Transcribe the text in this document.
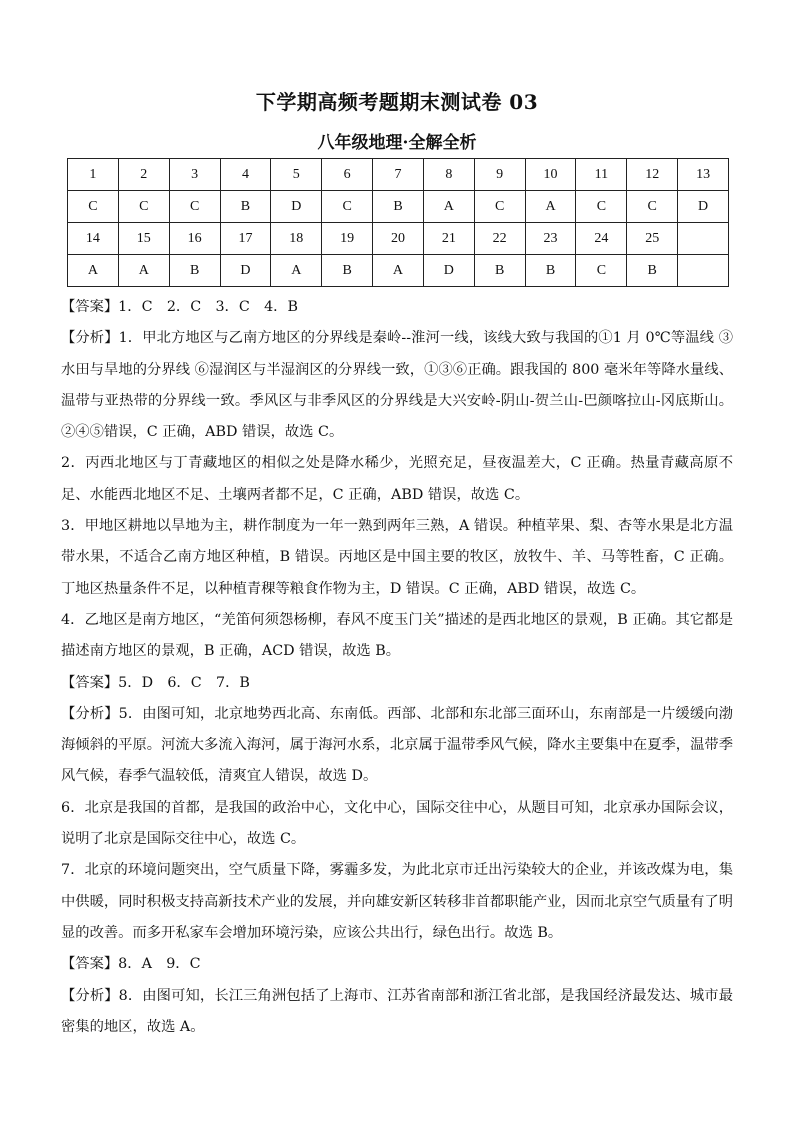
下学期高频考题期末测试卷 03
八年级地理·全解全析
1	2	3	4	5	6	7	8	9	10	11	12	13
C	C	C	B	D	C	B	A	C	A	C	C	D
14	15	16	17	18	19	20	21	22	23	24	25	
A	A	B	D	A	B	A	D	B	B	C	B	

【答案】1．C　2．C　3．C　4．B

【分析】1．甲北方地区与乙南方地区的分界线是秦岭--淮河一线，该线大致与我国的①1 月 0℃等温线 ③水田与旱地的分界线 ⑥湿润区与半湿润区的分界线一致，①③⑥正确。跟我国的 800 毫米年等降水量线、温带与亚热带的分界线一致。季风区与非季风区的分界线是大兴安岭-阴山-贺兰山-巴颜喀拉山-冈底斯山。②④⑤错误，C 正确，ABD 错误，故选 C。

2．丙西北地区与丁青藏地区的相似之处是降水稀少，光照充足，昼夜温差大，C 正确。热量青藏高原不足、水能西北地区不足、土壤两者都不足，C 正确，ABD 错误，故选 C。

3．甲地区耕地以旱地为主，耕作制度为一年一熟到两年三熟，A 错误。种植苹果、梨、杏等水果是北方温带水果，不适合乙南方地区种植，B 错误。丙地区是中国主要的牧区，放牧牛、羊、马等牲畜，C 正确。丁地区热量条件不足，以种植青稞等粮食作物为主，D 错误。C 正确，ABD 错误，故选 C。

4．乙地区是南方地区，“羌笛何须怨杨柳，春风不度玉门关”描述的是西北地区的景观，B 正确。其它都是描述南方地区的景观，B 正确，ACD 错误，故选 B。

【答案】5．D　6．C　7．B

【分析】5．由图可知，北京地势西北高、东南低。西部、北部和东北部三面环山，东南部是一片缓缓向渤海倾斜的平原。河流大多流入海河，属于海河水系，北京属于温带季风气候，降水主要集中在夏季，温带季风气候，春季气温较低，清爽宜人错误，故选 D。

6．北京是我国的首都，是我国的政治中心，文化中心，国际交往中心，从题目可知，北京承办国际会议，说明了北京是国际交往中心，故选 C。

7．北京的环境问题突出，空气质量下降，雾霾多发，为此北京市迁出污染较大的企业，并该改煤为电，集中供暖，同时积极支持高新技术产业的发展，并向雄安新区转移非首都职能产业，因而北京空气质量有了明显的改善。而多开私家车会增加环境污染，应该公共出行，绿色出行。故选 B。

【答案】8．A　9．C

【分析】8．由图可知，长江三角洲包括了上海市、江苏省南部和浙江省北部，是我国经济最发达、城市最密集的地区，故选 A。
